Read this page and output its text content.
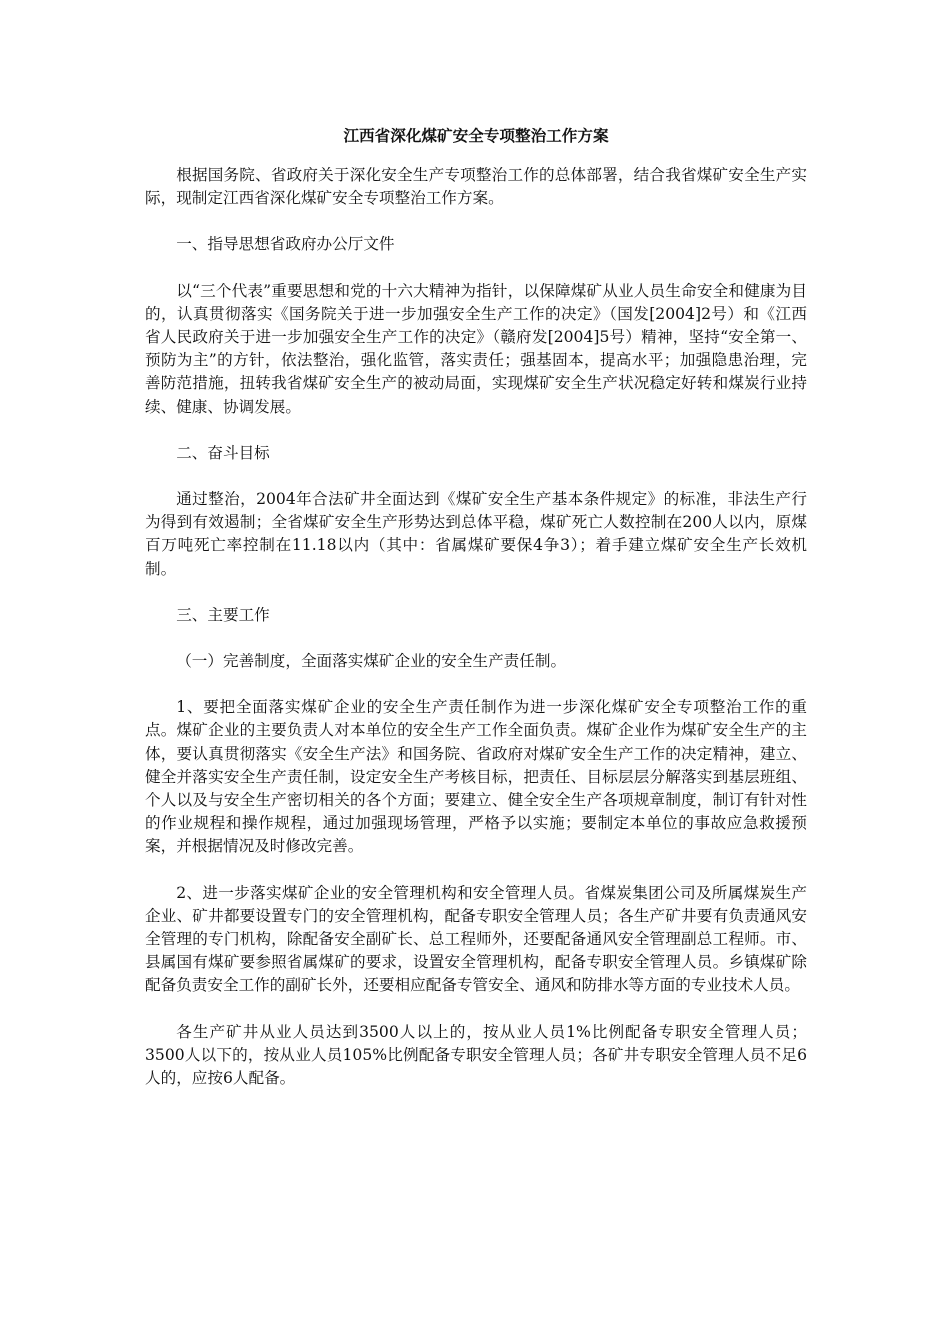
江西省深化煤矿安全专项整治工作方案

根据国务院、省政府关于深化安全生产专项整治工作的总体部署，结合我省煤矿安全生产实际，现制定江西省深化煤矿安全专项整治工作方案。

一、指导思想省政府办公厅文件

以“三个代表”重要思想和党的十六大精神为指针，以保障煤矿从业人员生命安全和健康为目的，认真贯彻落实《国务院关于进一步加强安全生产工作的决定》（国发[2004]2号）和《江西省人民政府关于进一步加强安全生产工作的决定》（赣府发[2004]5号）精神，坚持“安全第一、预防为主”的方针，依法整治，强化监管，落实责任；强基固本，提高水平；加强隐患治理，完善防范措施，扭转我省煤矿安全生产的被动局面，实现煤矿安全生产状况稳定好转和煤炭行业持续、健康、协调发展。

二、奋斗目标

通过整治，2004年合法矿井全面达到《煤矿安全生产基本条件规定》的标准，非法生产行为得到有效遏制；全省煤矿安全生产形势达到总体平稳，煤矿死亡人数控制在200人以内，原煤百万吨死亡率控制在11.18以内（其中：省属煤矿要保4争3）；着手建立煤矿安全生产长效机制。

三、主要工作

（一）完善制度，全面落实煤矿企业的安全生产责任制。

1、要把全面落实煤矿企业的安全生产责任制作为进一步深化煤矿安全专项整治工作的重点。煤矿企业的主要负责人对本单位的安全生产工作全面负责。煤矿企业作为煤矿安全生产的主体，要认真贯彻落实《安全生产法》和国务院、省政府对煤矿安全生产工作的决定精神，建立、健全并落实安全生产责任制，设定安全生产考核目标，把责任、目标层层分解落实到基层班组、个人以及与安全生产密切相关的各个方面；要建立、健全安全生产各项规章制度，制订有针对性的作业规程和操作规程，通过加强现场管理，严格予以实施；要制定本单位的事故应急救援预案，并根据情况及时修改完善。

2、进一步落实煤矿企业的安全管理机构和安全管理人员。省煤炭集团公司及所属煤炭生产企业、矿井都要设置专门的安全管理机构，配备专职安全管理人员；各生产矿井要有负责通风安全管理的专门机构，除配备安全副矿长、总工程师外，还要配备通风安全管理副总工程师。市、县属国有煤矿要参照省属煤矿的要求，设置安全管理机构，配备专职安全管理人员。乡镇煤矿除配备负责安全工作的副矿长外，还要相应配备专管安全、通风和防排水等方面的专业技术人员。

各生产矿井从业人员达到3500人以上的，按从业人员1%比例配备专职安全管理人员；3500人以下的，按从业人员105%比例配备专职安全管理人员；各矿井专职安全管理人员不足6人的，应按6人配备。
